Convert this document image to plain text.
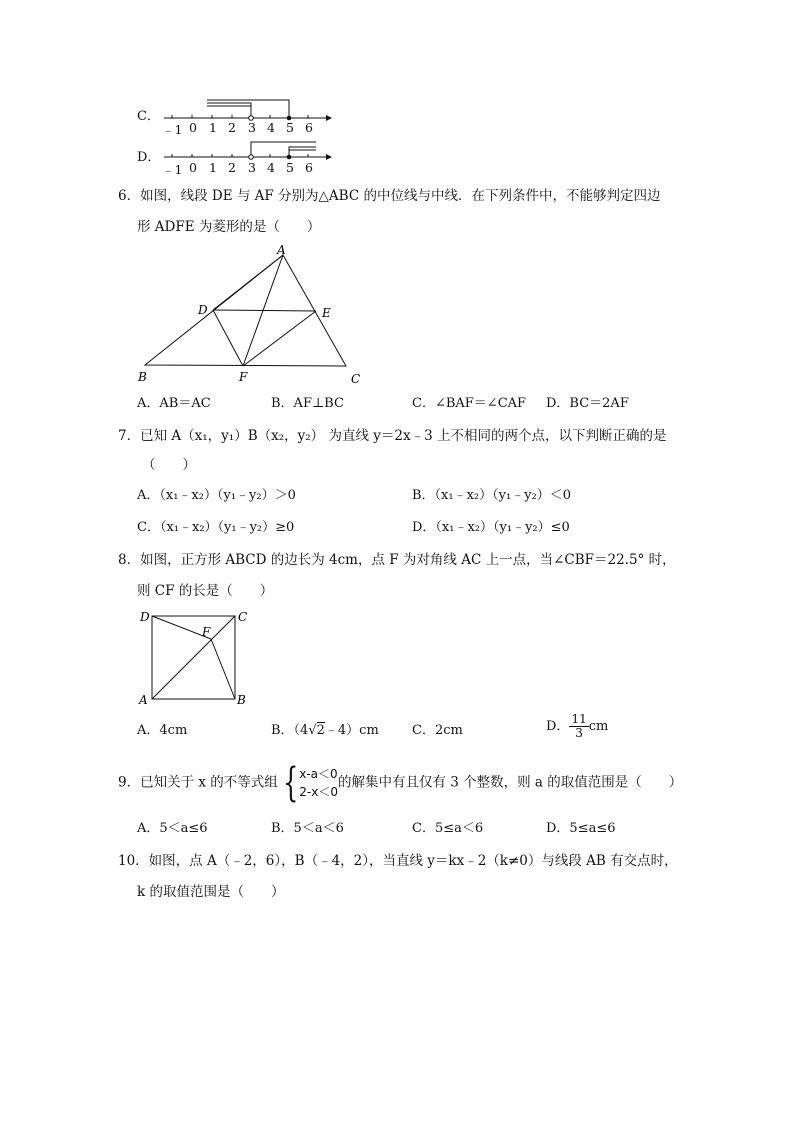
C．
﹣1 0 1 2 3 4 5 6
D．
﹣1 0 1 2 3 4 5 6
6．如图，线段 DE 与 AF 分别为△ABC 的中位线与中线．在下列条件中，不能够判定四边
形 ADFE 为菱形的是（　　）
A
D	E
B	F	C
A．AB＝AC	B．AF⊥BC	C．∠BAF＝∠CAF D．BC＝2AF
7．已知 A（x₁，y₁）B（x₂，y₂） 为直线 y＝2x﹣3 上不相同的两个点，以下判断正确的是
（　　）
A．（x₁﹣x₂）（y₁﹣y₂）＞0	B．（x₁﹣x₂）（y₁﹣y₂）＜0
C．（x₁﹣x₂）（y₁﹣y₂）≥0	D．（x₁﹣x₂）（y₁﹣y₂）≤0
8．如图，正方形 ABCD 的边长为 4cm，点 F 为对角线 AC 上一点，当∠CBF＝22.5° 时，
则 CF 的长是（　　）
D	C
F
A	B
A．4cm	B．（4√2﹣4）cm	C．2cm	D． $\frac{11}{3}$ cm
9．已知关于 x 的不等式组 { x-a＜0
2-x＜0
的解集中有且仅有 3 个整数，则 a 的取值范围是（　　）
A．5＜a≤6	B．5＜a＜6	C．5≤a＜6	D．5≤a≤6
10．如图，点 A（﹣2，6），B（﹣4，2），当直线 y＝kx﹣2（k≠0）与线段 AB 有交点时，
k 的取值范围是（　　）
